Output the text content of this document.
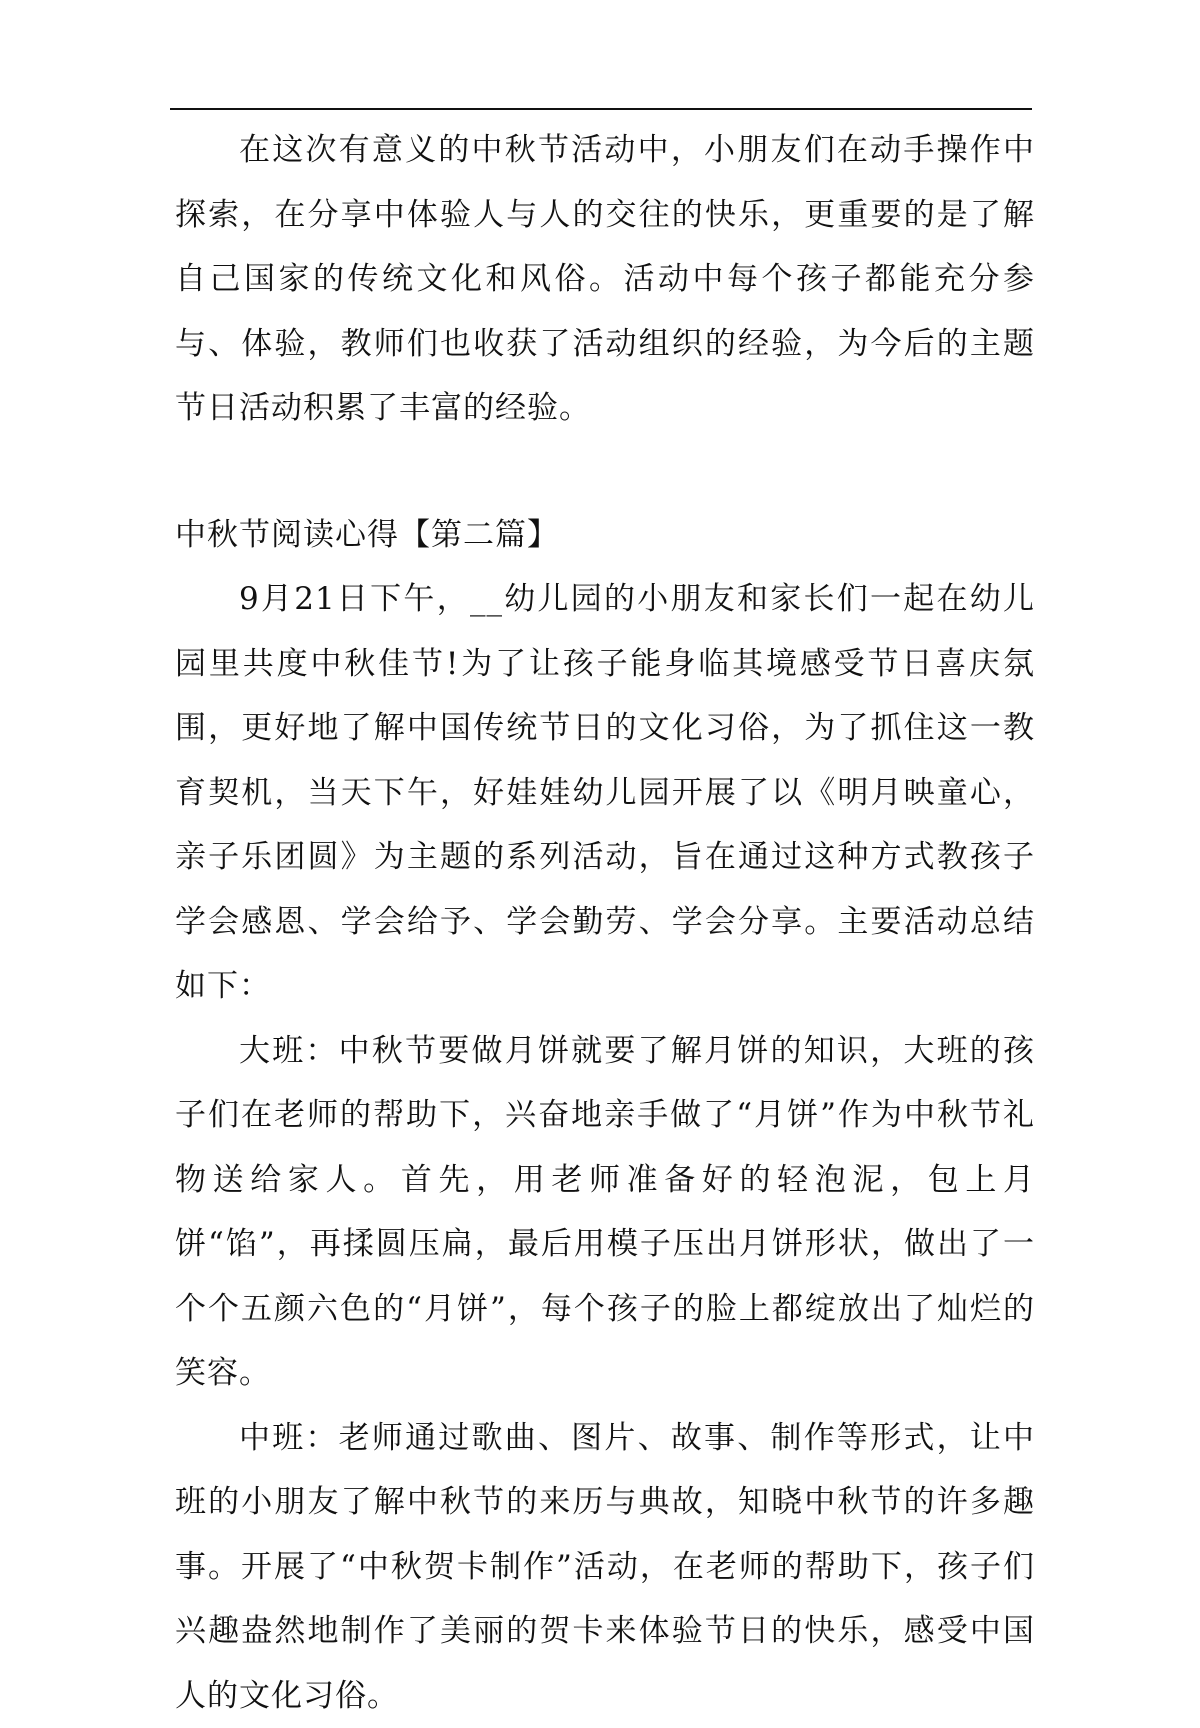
在这次有意义的中秋节活动中，小朋友们在动手操作中探索，在分享中体验人与人的交往的快乐，更重要的是了解自己国家的传统文化和风俗。活动中每个孩子都能充分参与、体验，教师们也收获了活动组织的经验，为今后的主题节日活动积累了丰富的经验。

中秋节阅读心得【第二篇】

9月21日下午，__幼儿园的小朋友和家长们一起在幼儿园里共度中秋佳节!为了让孩子能身临其境感受节日喜庆氛围，更好地了解中国传统节日的文化习俗，为了抓住这一教育契机，当天下午，好娃娃幼儿园开展了以《明月映童心，亲子乐团圆》为主题的系列活动，旨在通过这种方式教孩子学会感恩、学会给予、学会勤劳、学会分享。主要活动总结如下：

大班：中秋节要做月饼就要了解月饼的知识，大班的孩子们在老师的帮助下，兴奋地亲手做了“月饼”作为中秋节礼物送给家人。首先，用老师准备好的轻泡泥，包上月饼“馅”，再揉圆压扁，最后用模子压出月饼形状，做出了一个个五颜六色的“月饼”，每个孩子的脸上都绽放出了灿烂的笑容。

中班：老师通过歌曲、图片、故事、制作等形式，让中班的小朋友了解中秋节的来历与典故，知晓中秋节的许多趣事。开展了“中秋贺卡制作”活动，在老师的帮助下，孩子们兴趣盎然地制作了美丽的贺卡来体验节日的快乐，感受中国人的文化习俗。
